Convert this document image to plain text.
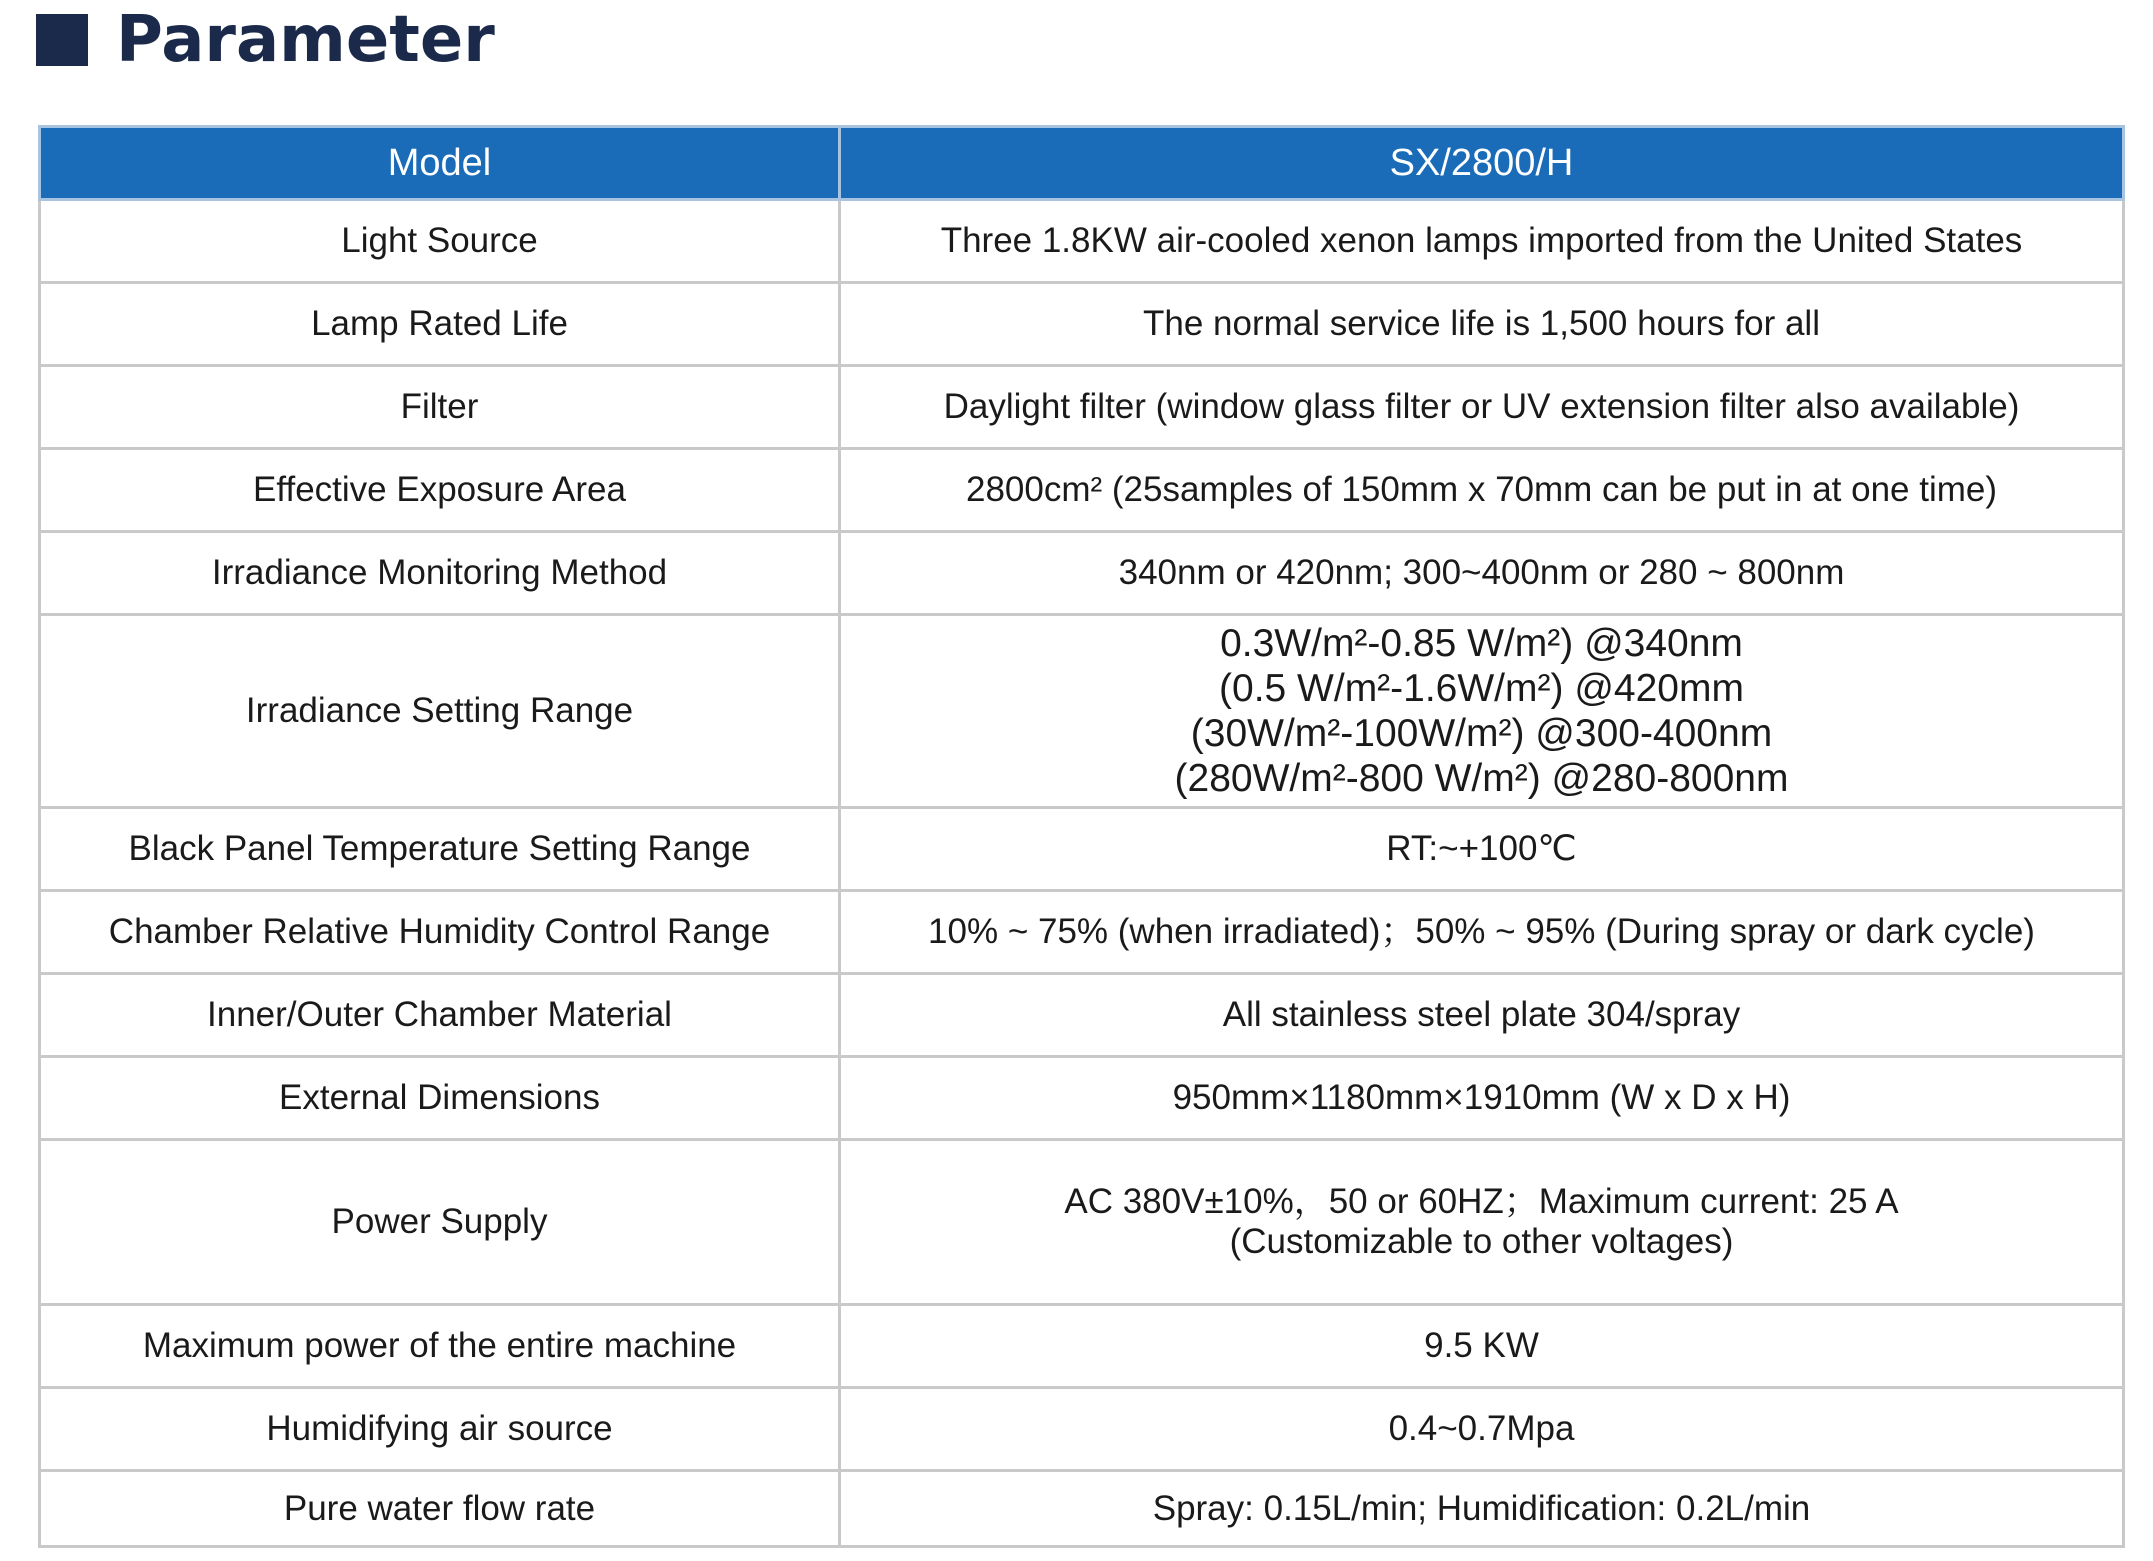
Parameter
Model	SX/2800/H
Light Source	Three 1.8KW air-cooled xenon lamps imported from the United States
Lamp Rated Life	The normal service life is 1,500 hours for all
Filter	Daylight filter (window glass filter or UV extension filter also available)
Effective Exposure Area	2800cm² (25samples of 150mm x 70mm can be put in at one time)
Irradiance Monitoring Method	340nm or 420nm; 300~400nm or 280 ~ 800nm
Irradiance Setting Range	0.3W/m²-0.85 W/m²) @340nm
(0.5 W/m²-1.6W/m²) @420mm
(30W/m²-100W/m²) @300-400nm
(280W/m²-800 W/m²) @280-800nm

Black Panel Temperature Setting Range	RT:~+100℃
Chamber Relative Humidity Control Range	10% ~ 75% (when irradiated)；50% ~ 95% (During spray or dark cycle)
Inner/Outer Chamber Material	All stainless steel plate 304/spray
External Dimensions	950mm×1180mm×1910mm (W x D x H)
Power Supply	AC 380V±10%，50 or 60HZ；Maximum current: 25 A
(Customizable to other voltages)

Maximum power of the entire machine	9.5 KW
Humidifying air source	0.4~0.7Mpa
Pure water flow rate	Spray: 0.15L/min; Humidification: 0.2L/min
